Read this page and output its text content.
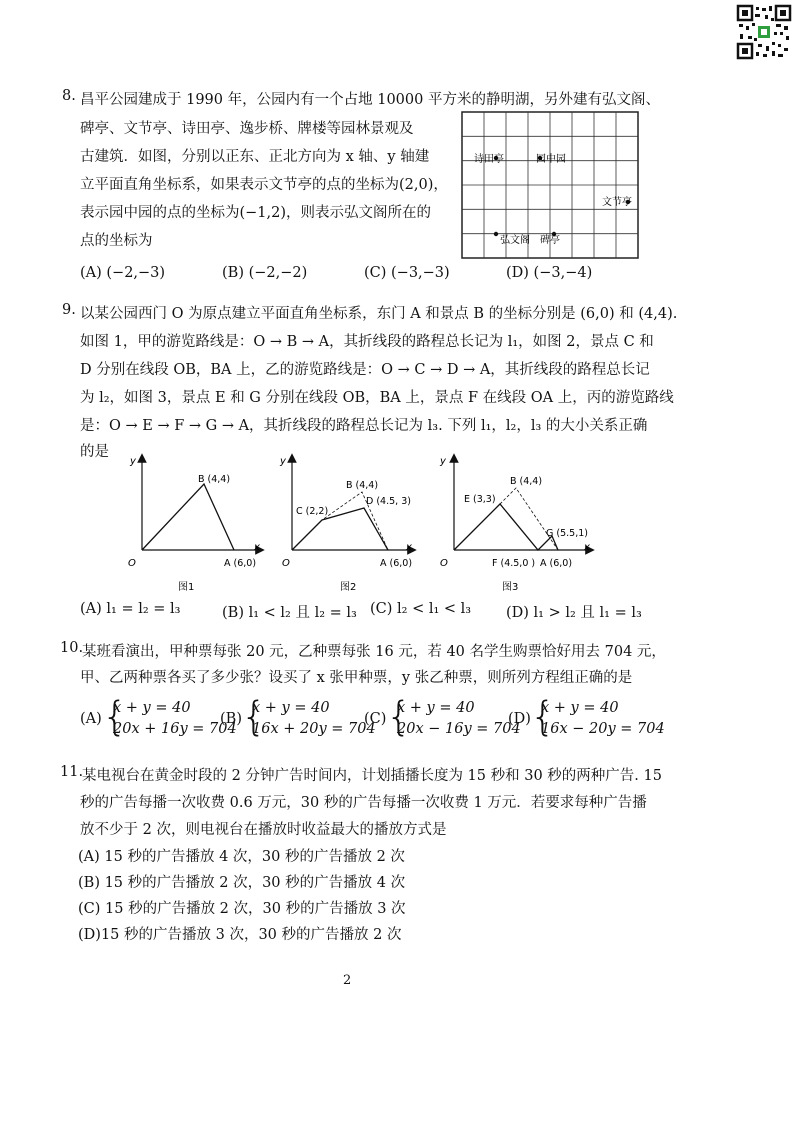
8. 昌平公园建成于 1990 年，公园内有一个占地 10000 平方米的静明湖，另外建有弘文阁、
碑亭、文节亭、诗田亭、逸步桥、牌楼等园林景观及
古建筑．如图，分别以正东、正北方向为 x 轴、y 轴建
立平面直角坐标系，如果表示文节亭的点的坐标为(2,0)，
表示园中园的点的坐标为(−1,2)，则表示弘文阁所在的
点的坐标为
诗田亭	园中园
文节亭
弘文阁 碑亭
(A) (−2,−3)	(B) (−2,−2)	(C) (−3,−3)	(D) (−3,−4)
9. 以某公园西门 O 为原点建立平面直角坐标系，东门 A 和景点 B 的坐标分别是 (6,0) 和 (4,4).
如图 1，甲的游览路线是：O → B → A，其折线段的路程总长记为 l₁，如图 2，景点 C 和
D 分别在线段 OB，BA 上，乙的游览路线是：O → C → D → A，其折线段的路程总长记
为 l₂，如图 3，景点 E 和 G 分别在线段 OB，BA 上，景点 F 在线段 OA 上，丙的游览路线
是：O → E → F → G → A，其折线段的路程总长记为 l₃. 下列 l₁，l₂，l₃ 的大小关系正确
的是
y
x
B (4,4)
O	A (6,0)
图1
y
x
B (4,4)
C (2,2)
D (4.5, 3)
O	A (6,0)
图2
y
x
B (4,4)
E (3,3)
G (5.5,1)
F (4.5,0 ) A (6,0)
O
图3
(A) l₁ = l₂ = l₃	(B) l₁ < l₂ 且 l₂ = l₃ (C) l₂ < l₁ < l₃ (D) l₁ > l₂ 且 l₁ = l₃
10.
某班看演出，甲种票每张 20 元，乙种票每张 16 元，若 40 名学生购票恰好用去 704 元，
甲、乙两种票各买了多少张？设买了 x 张甲种票，y 张乙种票，则所列方程组正确的是
(A) {
x + y = 40
20x + 16y = 704
(B) {
x + y = 40
16x + 20y = 704
(C) {
x + y = 40
20x − 16y = 704
(D) {
x + y = 40
16x − 20y = 704
11.
某电视台在黄金时段的 2 分钟广告时间内，计划插播长度为 15 秒和 30 秒的两种广告. 15
秒的广告每播一次收费 0.6 万元，30 秒的广告每播一次收费 1 万元．若要求每种广告播
放不少于 2 次，则电视台在播放时收益最大的播放方式是
(A) 15 秒的广告播放 4 次，30 秒的广告播放 2 次
(B) 15 秒的广告播放 2 次，30 秒的广告播放 4 次
(C) 15 秒的广告播放 2 次，30 秒的广告播放 3 次
(D)15 秒的广告播放 3 次，30 秒的广告播放 2 次
2
